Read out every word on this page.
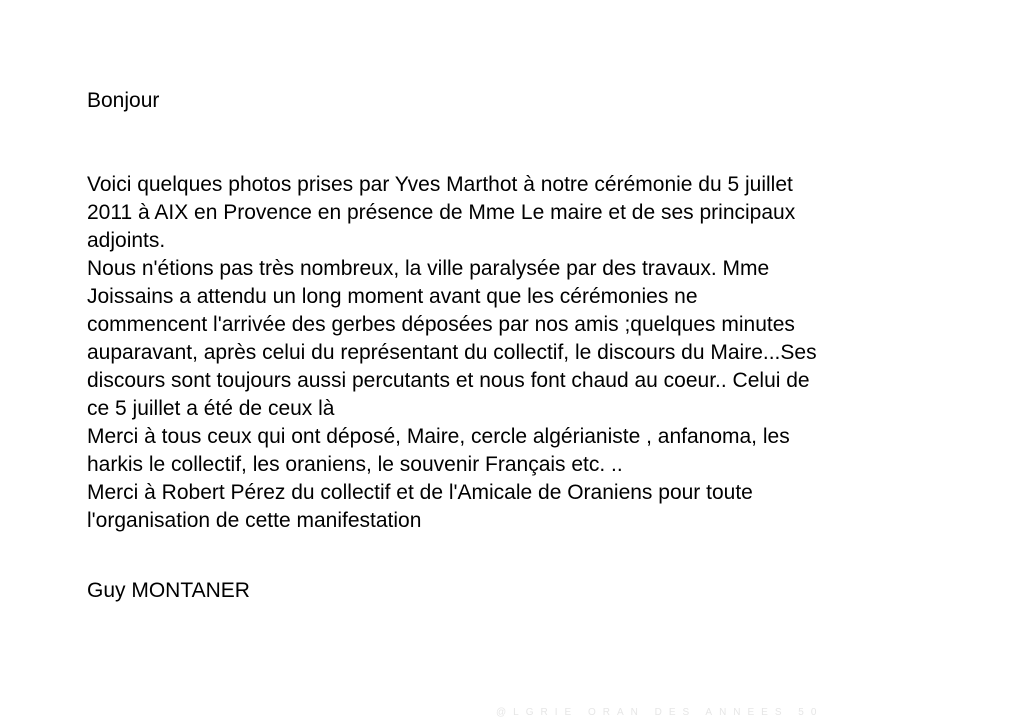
Bonjour
Voici quelques photos prises par Yves Marthot à notre cérémonie du 5 juillet
2011 à AIX en Provence en présence de Mme Le maire et de ses principaux
adjoints.
Nous n'étions pas très nombreux, la ville paralysée par des travaux. Mme
Joissains a attendu un long moment avant que les cérémonies ne
commencent l'arrivée des gerbes déposées par nos amis ;quelques minutes
auparavant, après celui du représentant du collectif, le discours du Maire...Ses
discours sont toujours aussi percutants et nous font chaud au coeur.. Celui de
ce 5 juillet a été de ceux là
Merci à tous ceux qui ont déposé, Maire, cercle algérianiste , anfanoma, les
harkis le collectif, les oraniens, le souvenir Français etc. ..
Merci à Robert Pérez du collectif et de l'Amicale de Oraniens pour toute
l'organisation de cette manifestation
Guy MONTANER
@LGRIE ORAN DES ANNEES 50
